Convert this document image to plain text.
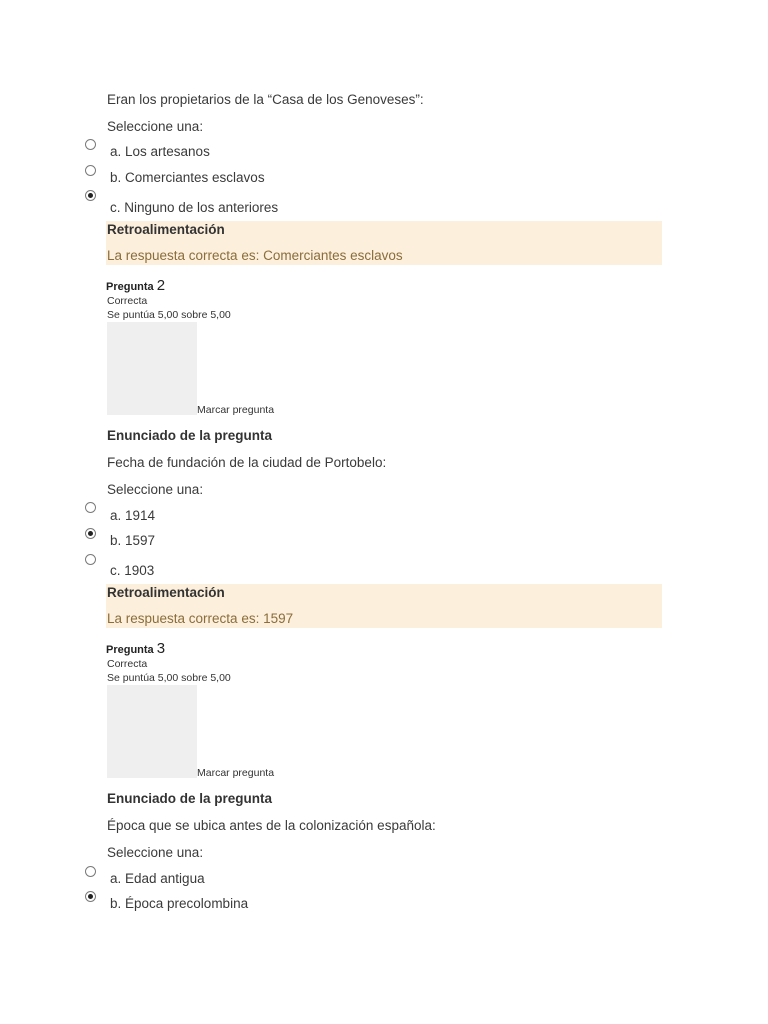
Eran los propietarios de la “Casa de los Genoveses”:
Seleccione una:
a. Los artesanos
b. Comerciantes esclavos
c. Ninguno de los anteriores
Retroalimentación
La respuesta correcta es: Comerciantes esclavos
Pregunta 2
Correcta
Se puntúa 5,00 sobre 5,00
Marcar pregunta
Enunciado de la pregunta
Fecha de fundación de la ciudad de Portobelo:
Seleccione una:
a. 1914
b. 1597
c. 1903
Retroalimentación
La respuesta correcta es: 1597
Pregunta 3
Correcta
Se puntúa 5,00 sobre 5,00
Marcar pregunta
Enunciado de la pregunta
Época que se ubica antes de la colonización española:
Seleccione una:
a. Edad antigua
b. Época precolombina
